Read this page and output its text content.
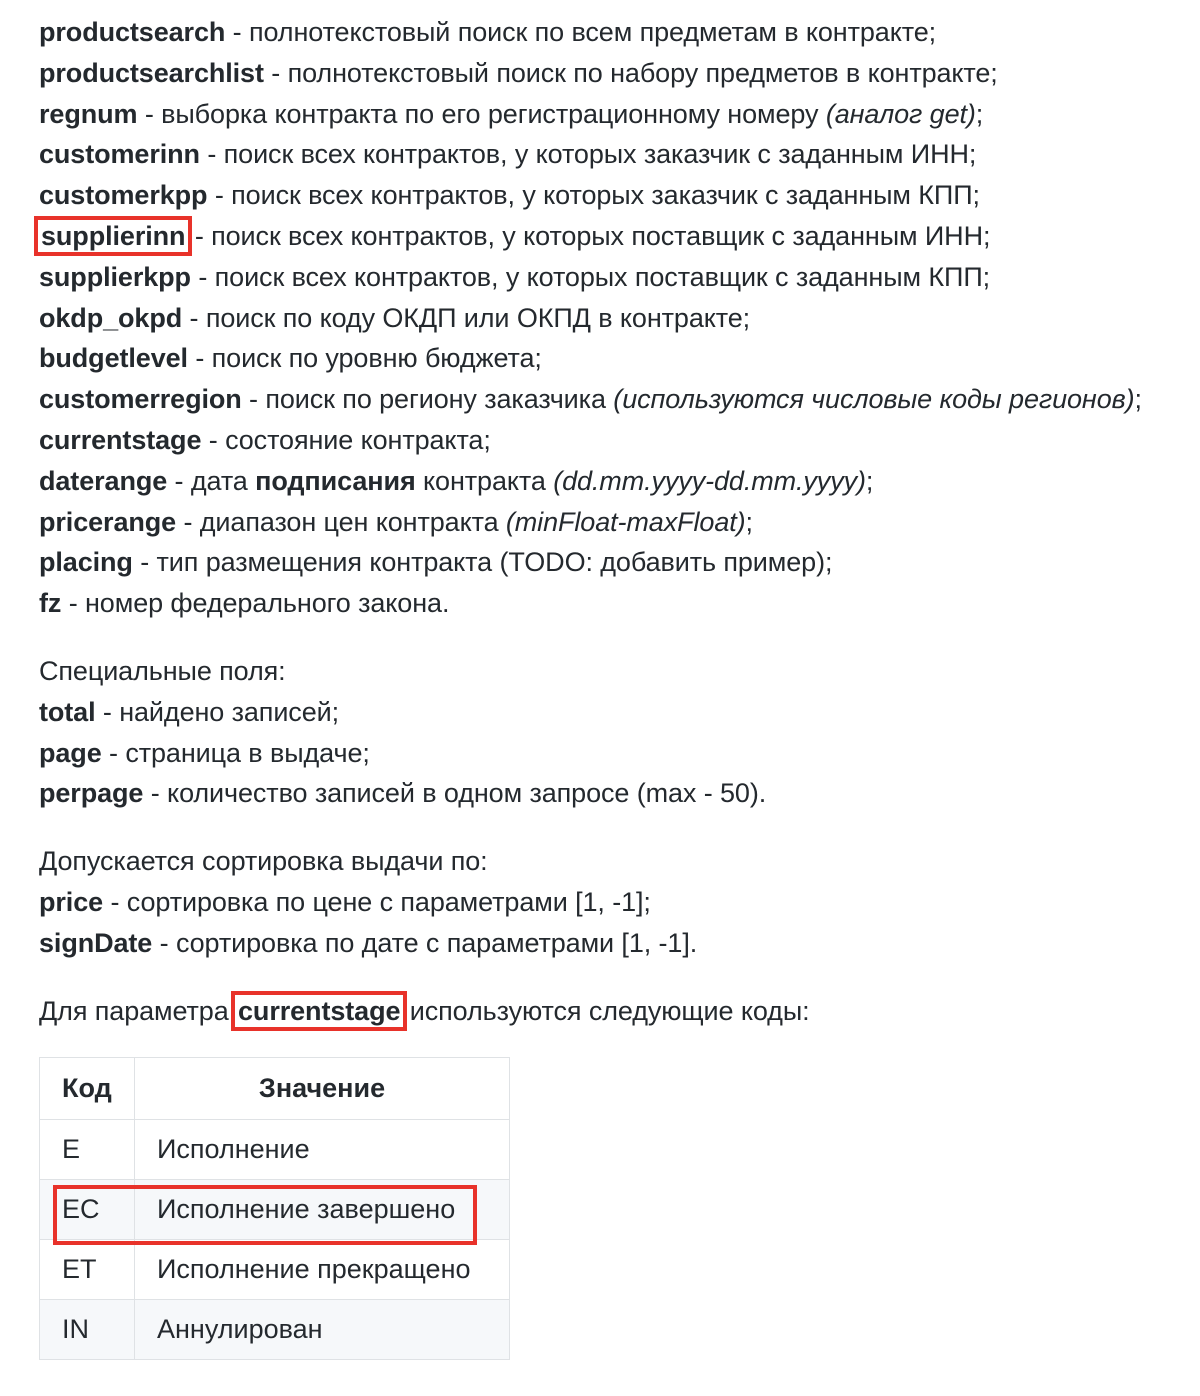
productsearch - полнотекстовый поиск по всем предметам в контракте;
productsearchlist - полнотекстовый поиск по набору предметов в контракте;
regnum - выборка контракта по его регистрационному номеру (аналог get);
customerinn - поиск всех контрактов, у которых заказчик с заданным ИНН;
customerkpp - поиск всех контрактов, у которых заказчик с заданным КПП;
supplierinn - поиск всех контрактов, у которых поставщик с заданным ИНН;
supplierkpp - поиск всех контрактов, у которых поставщик с заданным КПП;
okdp_okpd - поиск по коду ОКДП или ОКПД в контракте;
budgetlevel - поиск по уровню бюджета;
customerregion - поиск по региону заказчика (используются числовые коды регионов);
currentstage - состояние контракта;
daterange - дата подписания контракта (dd.mm.yyyy-dd.mm.yyyy);
pricerange - диапазон цен контракта (minFloat-maxFloat);
placing - тип размещения контракта (TODO: добавить пример);
fz - номер федерального закона.
Специальные поля:
total - найдено записей;
page - страница в выдаче;
perpage - количество записей в одном запросе (max - 50).
Допускается сортировка выдачи по:
price - сортировка по цене с параметрами [1, -1];
signDate - сортировка по дате с параметрами [1, -1].
Для параметра currentstage используются следующие коды:
Код	Значение
E	Исполнение
EC	Исполнение завершено
ET	Исполнение прекращено
IN	Аннулирован
